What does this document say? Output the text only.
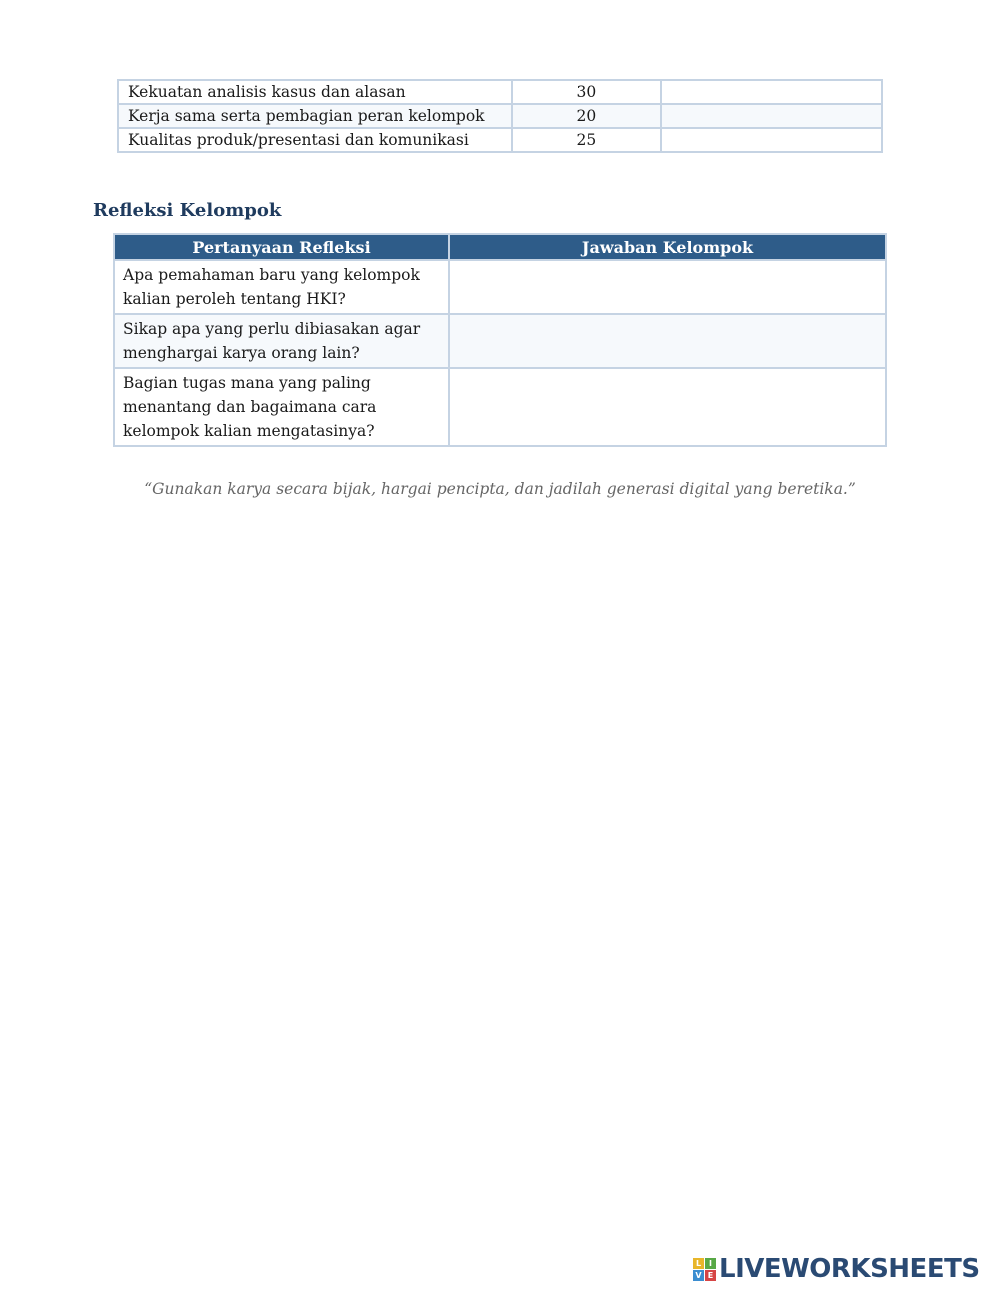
Kekuatan analisis kasus dan alasan	30	
Kerja sama serta pembagian peran kelompok	20	
Kualitas produk/presentasi dan komunikasi	25	
Refleksi Kelompok
Pertanyaan Refleksi	Jawaban Kelompok
Apa pemahaman baru yang kelompok kalian peroleh tentang HKI?	
Sikap apa yang perlu dibiasakan agar menghargai karya orang lain?	
Bagian tugas mana yang paling menantang dan bagaimana cara kelompok kalian mengatasinya?	
“Gunakan karya secara bijak, hargai pencipta, dan jadilah generasi digital yang beretika.”
L I
V E LIVEWORKSHEETS
